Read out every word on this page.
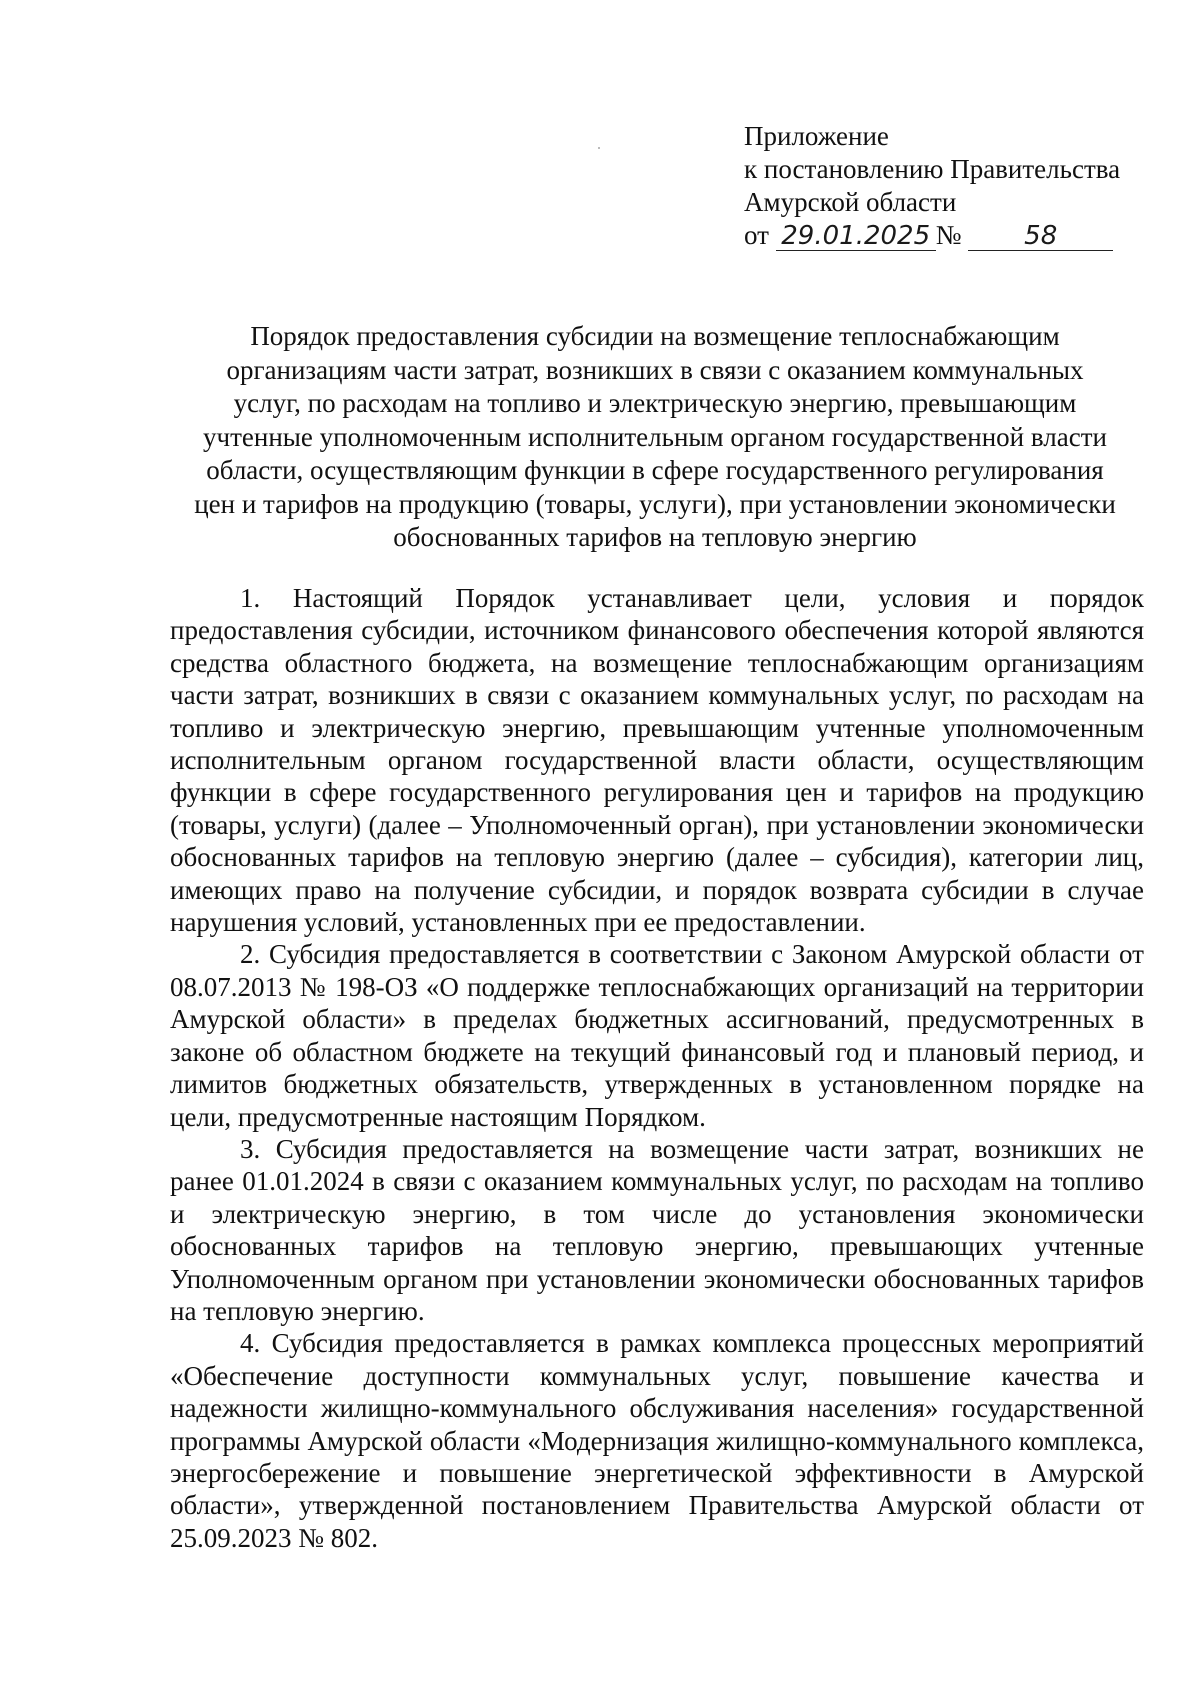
Приложение
к постановлению Правительства
Амурской области
от 29.01.2025 № 58
Порядок предоставления субсидии на возмещение теплоснабжающим
организациям части затрат, возникших в связи с оказанием коммунальных
услуг, по расходам на топливо и электрическую энергию, превышающим
учтенные уполномоченным исполнительным органом государственной власти
области, осуществляющим функции в сфере государственного регулирования
цен и тарифов на продукцию (товары, услуги), при установлении экономически
обоснованных тарифов на тепловую энергию

1. Настоящий Порядок устанавливает цели, условия и порядок предоставления субсидии, источником финансового обеспечения которой являются средства областного бюджета, на возмещение теплоснабжающим организациям части затрат, возникших в связи с оказанием коммунальных услуг, по расходам на топливо и электрическую энергию, превышающим учтенные уполномоченным исполнительным органом государственной власти области, осуществляющим функции в сфере государственного регулирования цен и тарифов на продукцию (товары, услуги) (далее – Уполномоченный орган), при установлении экономически обоснованных тарифов на тепловую энергию (далее – субсидия), категории лиц, имеющих право на получение субсидии, и порядок возврата субсидии в случае нарушения условий, установленных при ее предоставлении.

2. Субсидия предоставляется в соответствии с Законом Амурской области от 08.07.2013 № 198-ОЗ «О поддержке теплоснабжающих организаций на территории Амурской области» в пределах бюджетных ассигнований, предусмотренных в законе об областном бюджете на текущий финансовый год и плановый период, и лимитов бюджетных обязательств, утвержденных в установленном порядке на цели, предусмотренные настоящим Порядком.

3. Субсидия предоставляется на возмещение части затрат, возникших не ранее 01.01.2024 в связи с оказанием коммунальных услуг, по расходам на топливо и электрическую энергию, в том числе до установления экономически обоснованных тарифов на тепловую энергию, превышающих учтенные Уполномоченным органом при установлении экономически обоснованных тарифов на тепловую энергию.

4. Субсидия предоставляется в рамках комплекса процессных мероприятий «Обеспечение доступности коммунальных услуг, повышение качества и надежности жилищно-коммунального обслуживания населения» государственной программы Амурской области «Модернизация жилищно-коммунального комплекса, энергосбережение и повышение энергетической эффективности в Амурской области», утвержденной постановлением Правительства Амурской области от 25.09.2023 № 802.
